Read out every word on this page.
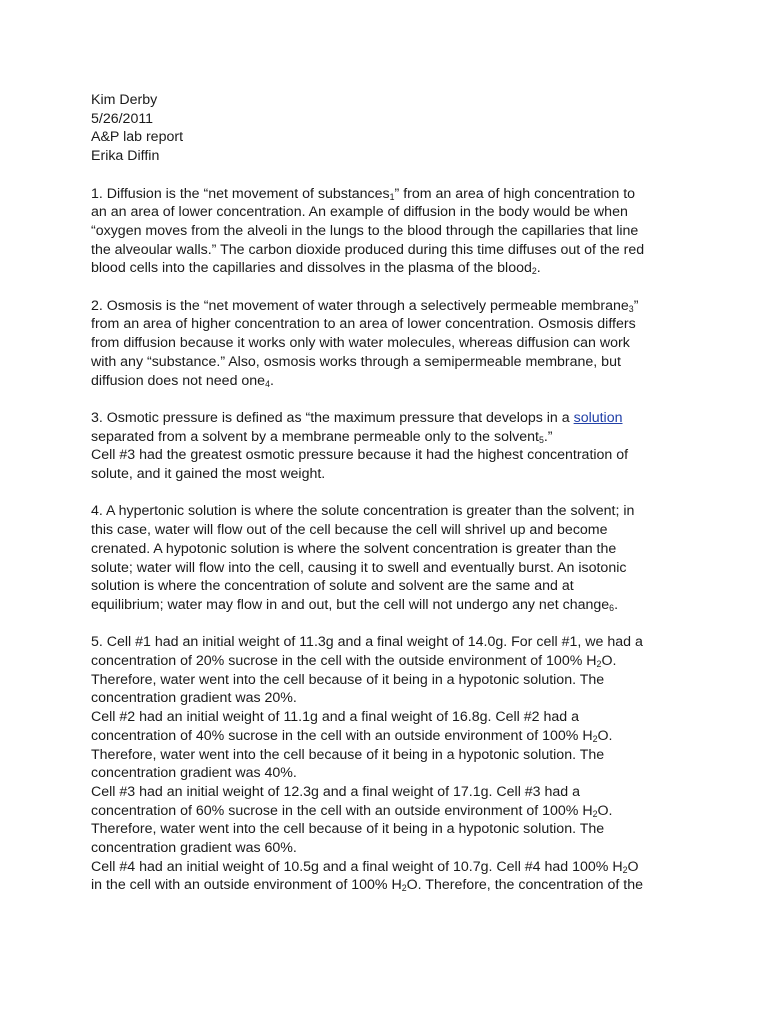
Kim Derby
5/26/2011
A&P lab report
Erika Diffin
1. Diffusion is the “net movement of substances$_1$” from an area of high concentration to
an an area of lower concentration. An example of diffusion in the body would be when
“oxygen moves from the alveoli in the lungs to the blood through the capillaries that line
the alveoular walls.” The carbon dioxide produced during this time diffuses out of the red
blood cells into the capillaries and dissolves in the plasma of the blood$_2$.
2. Osmosis is the “net movement of water through a selectively permeable membrane$_3$”
from an area of higher concentration to an area of lower concentration. Osmosis differs
from diffusion because it works only with water molecules, whereas diffusion can work
with any “substance.” Also, osmosis works through a semipermeable membrane, but
diffusion does not need one$_4$.
3. Osmotic pressure is defined as “the maximum pressure that develops in a solution
separated from a solvent by a membrane permeable only to the solvent$_5$.”
Cell #3 had the greatest osmotic pressure because it had the highest concentration of
solute, and it gained the most weight.
4. A hypertonic solution is where the solute concentration is greater than the solvent; in
this case, water will flow out of the cell because the cell will shrivel up and become
crenated. A hypotonic solution is where the solvent concentration is greater than the
solute; water will flow into the cell, causing it to swell and eventually burst. An isotonic
solution is where the concentration of solute and solvent are the same and at
equilibrium; water may flow in and out, but the cell will not undergo any net change$_6$.
5. Cell #1 had an initial weight of 11.3g and a final weight of 14.0g. For cell #1, we had a
concentration of 20% sucrose in the cell with the outside environment of 100% $H_2O$.
Therefore, water went into the cell because of it being in a hypotonic solution. The
concentration gradient was 20%.
Cell #2 had an initial weight of 11.1g and a final weight of 16.8g. Cell #2 had a
concentration of 40% sucrose in the cell with an outside environment of 100% $H_2O$.
Therefore, water went into the cell because of it being in a hypotonic solution. The
concentration gradient was 40%.
Cell #3 had an initial weight of 12.3g and a final weight of 17.1g. Cell #3 had a
concentration of 60% sucrose in the cell with an outside environment of 100% $H_2O$.
Therefore, water went into the cell because of it being in a hypotonic solution. The
concentration gradient was 60%.
Cell #4 had an initial weight of 10.5g and a final weight of 10.7g. Cell #4 had 100% $H_2O$
in the cell with an outside environment of 100% $H_2O$. Therefore, the concentration of the
